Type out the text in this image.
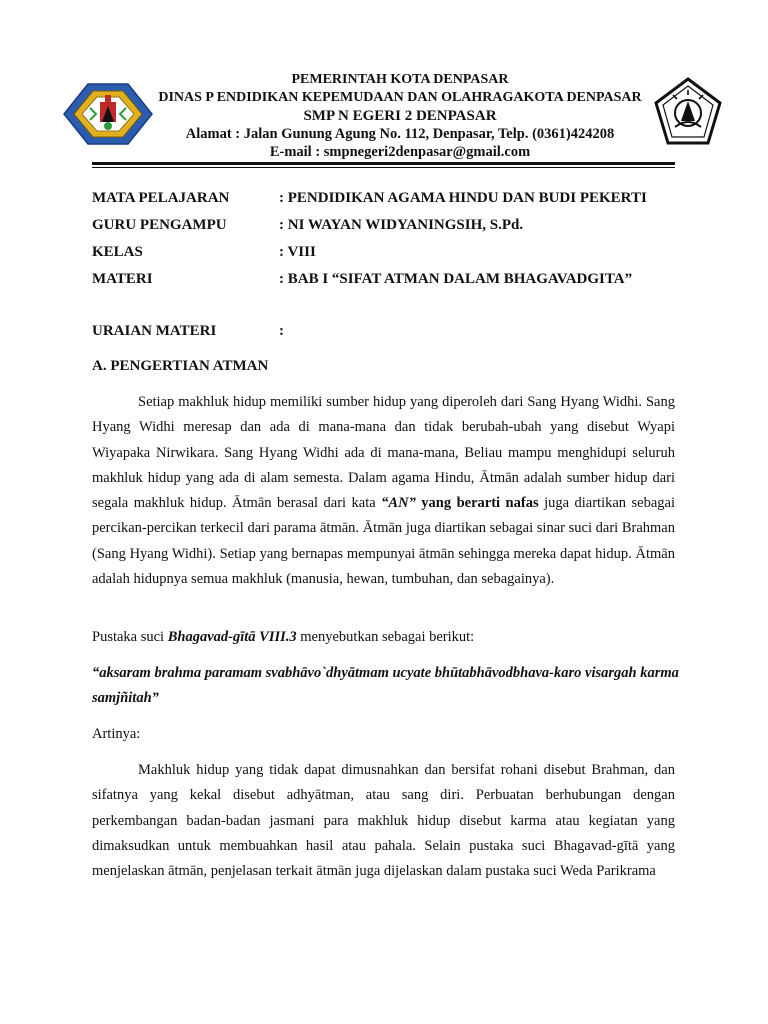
PEMERINTAH KOTA DENPASAR
DINAS P ENDIDIKAN KEPEMUDAAN DAN OLAHRAGAKOTA DENPASAR
SMP N EGERI 2 DENPASAR
Alamat : Jalan Gunung Agung No. 112, Denpasar, Telp. (0361)424208
E-mail : smpnegeri2denpasar@gmail.com
MATA PELAJARAN	: PENDIDIKAN AGAMA HINDU DAN BUDI PEKERTI
GURU PENGAMPU	: NI WAYAN WIDYANINGSIH, S.Pd.
KELAS	: VIII
MATERI	: BAB I “SIFAT ATMAN DALAM BHAGAVADGITA”
URAIAN MATERI	:
A. PENGERTIAN ATMAN

Setiap makhluk hidup memiliki sumber hidup yang diperoleh dari Sang Hyang Widhi. Sang Hyang Widhi meresap dan ada di mana-mana dan tidak berubah-ubah yang disebut Wyapi Wiyapaka Nirwikara. Sang Hyang Widhi ada di mana-mana, Beliau mampu menghidupi seluruh makhluk hidup yang ada di alam semesta. Dalam agama Hindu, Ātmān adalah sumber hidup dari segala makhluk hidup. Ātmān berasal dari kata “AN” yang berarti nafas juga diartikan sebagai percikan-percikan terkecil dari parama ātmān. Ātmān juga diartikan sebagai sinar suci dari Brahman (Sang Hyang Widhi). Setiap yang bernapas mempunyai ātmān sehingga mereka dapat hidup. Ātmān adalah hidupnya semua makhluk (manusia, hewan, tumbuhan, dan sebagainya).

Pustaka suci Bhagavad-gītā VIII.3 menyebutkan sebagai berikut:

“aksaram brahma paramam svabhāvo`dhyātmam ucyate bhūtabhāvodbhava-karo visargah karma samjñitah”

Artinya:

Makhluk hidup yang tidak dapat dimusnahkan dan bersifat rohani disebut Brahman, dan sifatnya yang kekal disebut adhyātman, atau sang diri. Perbuatan berhubungan dengan perkembangan badan-badan jasmani para makhluk hidup disebut karma atau kegiatan yang dimaksudkan untuk membuahkan hasil atau pahala. Selain pustaka suci Bhagavad-gītā yang menjelaskan ātmān, penjelasan terkait ātmān juga dijelaskan dalam pustaka suci Weda Parikrama
